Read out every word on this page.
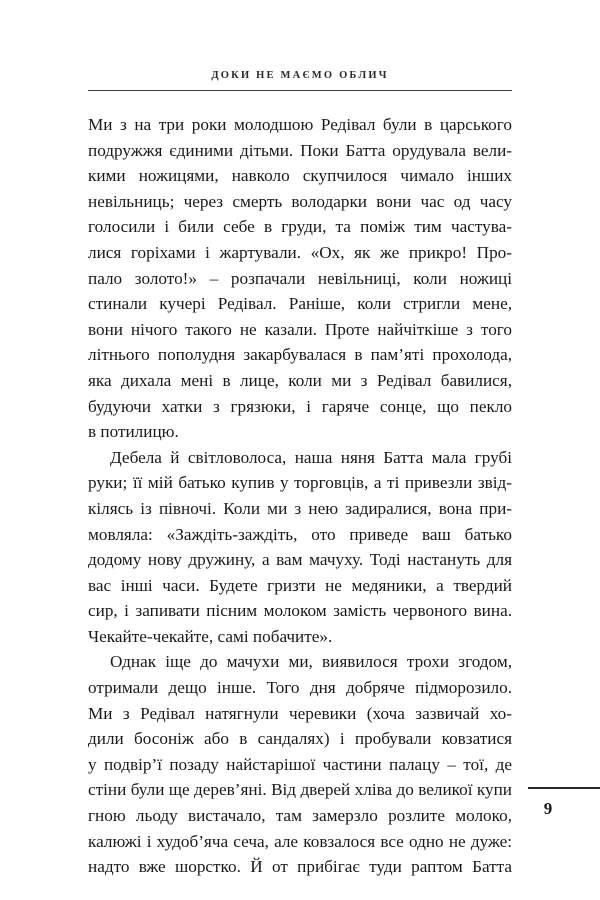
ДОКИ НЕ МАЄМО ОБЛИЧ
Ми з на три роки молодшою Редівал були в царського
подружжя єдиними дітьми. Поки Батта орудувала вели-
кими ножицями, навколо скупчилося чимало інших
невільниць; через смерть володарки вони час од часу
голосили і били себе в груди, та поміж тим частува-
лися горіхами і жартували. «Ох, як же прикро! Про-
пало золото!» – розпачали невільниці, коли ножиці
стинали кучері Редівал. Раніше, коли стригли мене,
вони нічого такого не казали. Проте найчіткіше з того
літнього пополудня закарбувалася в пам’яті прохолода,
яка дихала мені в лице, коли ми з Редівал бавилися,
будуючи хатки з грязюки, і гаряче сонце, що пекло
в потилицю.
Дебела й світловолоса, наша няня Батта мала грубі
руки; її мій батько купив у торговців, а ті привезли звід-
кілясь із півночі. Коли ми з нею задиралися, вона при-
мовляла: «Заждіть-заждіть, ото приведе ваш батько
додому нову дружину, а вам мачуху. Тоді настануть для
вас інші часи. Будете гризти не медяники, а твердий
сир, і запивати пісним молоком замість червоного вина.
Чекайте-чекайте, самі побачите».
Однак іще до мачухи ми, виявилося трохи згодом,
отримали дещо інше. Того дня добряче підморозило.
Ми з Редівал натягнули черевики (хоча зазвичай хо-
дили босоніж або в сандалях) і пробували ковзатися
у подвір’ї позаду найстарішої частини палацу – тої, де
стіни були ще дерев’яні. Від дверей хліва до великої купи
гною льоду вистачало, там замерзло розлите молоко,
калюжі і худоб’яча сеча, але ковзалося все одно не дуже:
надто вже шорстко. Й от прибігає туди раптом Батта
9
